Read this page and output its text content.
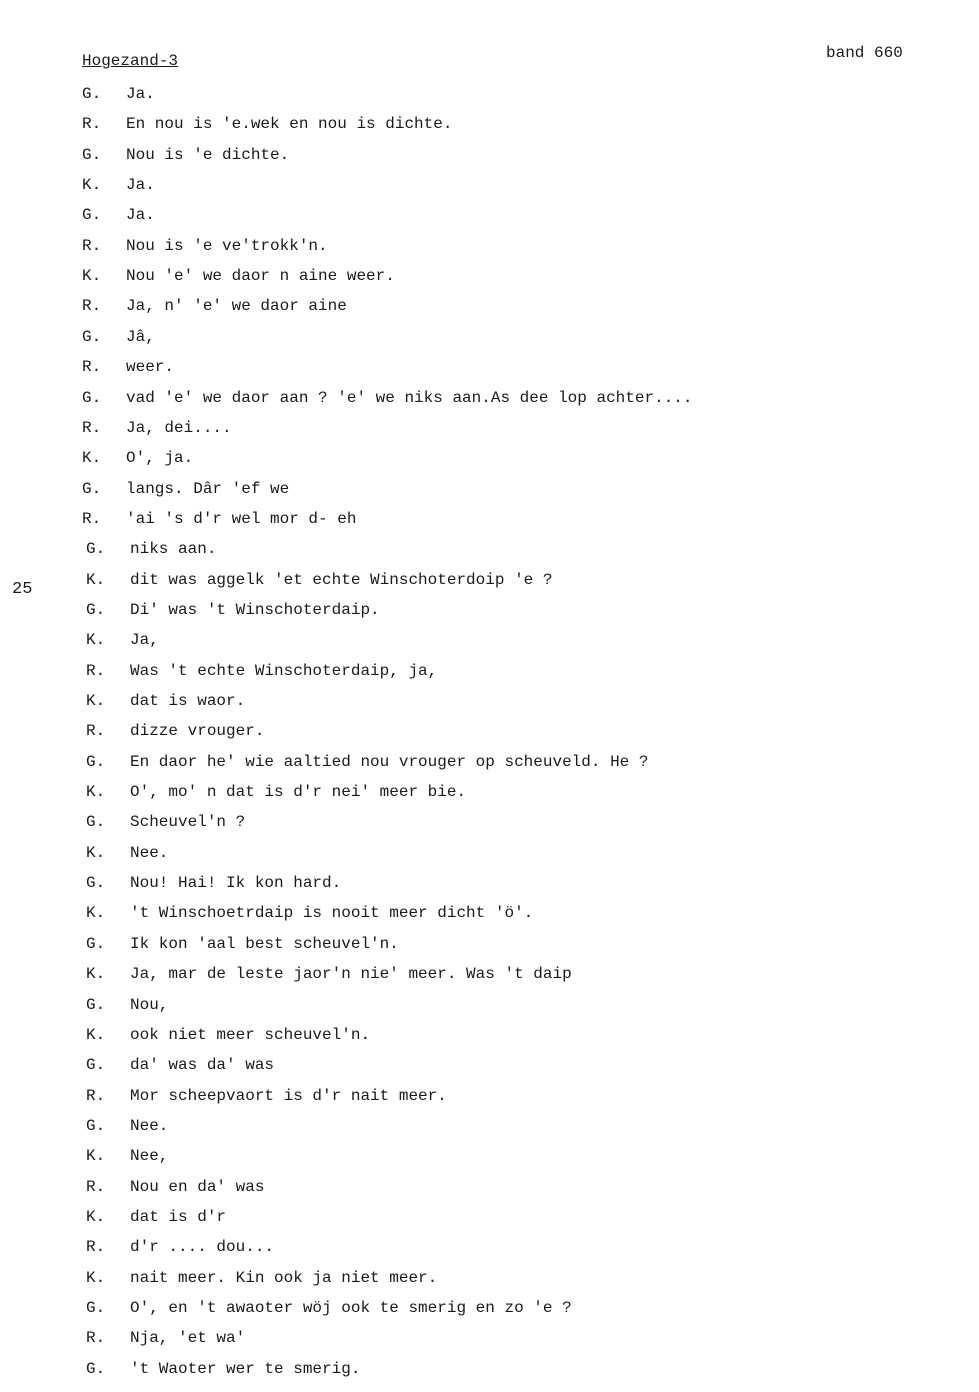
Hogezand-3	band 660
25
G. Ja.
R. En nou is 'e.wek en nou is dichte.
G. Nou is 'e dichte.
K. Ja.
G. Ja.
R. Nou is 'e ve'trokk'n.
K. Nou 'e' we daor n aine weer.
R. Ja, n' 'e' we daor aine
G. Jâ,
R. weer.
G. vad 'e' we daor aan ? 'e' we niks aan.As dee lop achter....
R. Ja, dei....
K. O', ja.
G. langs. Dâr 'ef we
R. 'ai 's d'r wel mor d- eh
G. niks aan.
K. dit was aggelk 'et echte Winschoterdoip 'e ?
G. Di' was 't Winschoterdaip.
K. Ja,
R. Was 't echte Winschoterdaip, ja,
K. dat is waor.
R. dizze vrouger.
G. En daor he' wie aaltied nou vrouger op scheuveld. He ?
K. O', mo' n dat is d'r nei' meer bie.
G. Scheuvel'n ?
K. Nee.
G. Nou! Hai! Ik kon hard.
K. 't Winschoetrdaip is nooit meer dicht 'ö'.
G. Ik kon 'aal best scheuvel'n.
K. Ja, mar de leste jaor'n nie' meer. Was 't daip
G. Nou,
K. ook niet meer scheuvel'n.
G. da' was da' was
R. Mor scheepvaort is d'r nait meer.
G. Nee.
K. Nee,
R. Nou en da' was
K. dat is d'r
R. d'r .... dou...
K. nait meer. Kin ook ja niet meer.
G. O', en 't awaoter wöj ook te smerig en zo 'e ?
R. Nja, 'et wa'
G. 't Waoter wer te smerig.
